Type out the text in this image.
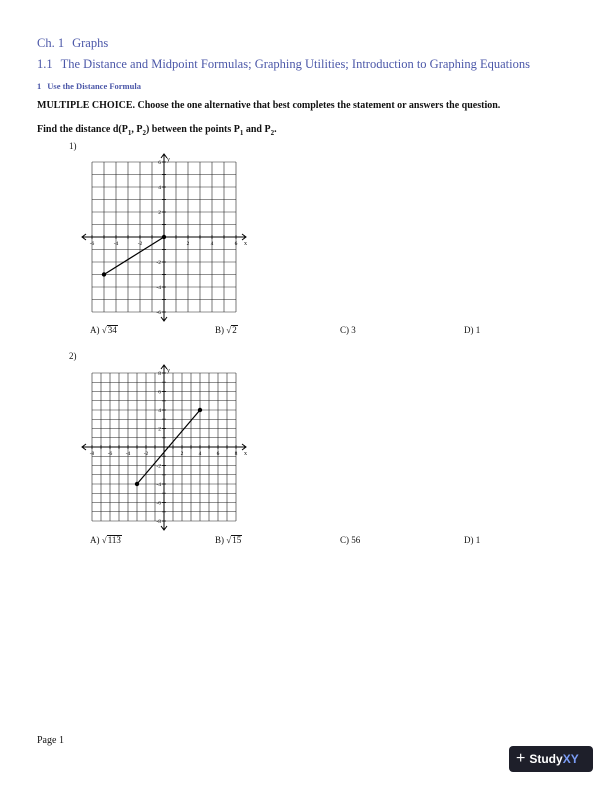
Ch. 1 Graphs
1.1 The Distance and Midpoint Formulas; Graphing Utilities; Introduction to Graphing Equations
1 Use the Distance Formula
MULTIPLE CHOICE. Choose the one alternative that best completes the statement or answers the question.
Find the distance $d(P_1$, $P_2$) between the points $P_1$ and $P_2$.
1)
-6	-4	-2	2	4	6
6
4
2
-2
-4
-6
x
y
A) √34	B) √2	C) 3	D) 1
2)
-8 -6 -4 -2	2	4	6	8
8
6
4
2
-2
-4
-6
-8
x
y
A) √113	B) √15	C) 56	D) 1
Page 1
+ StudyXY
